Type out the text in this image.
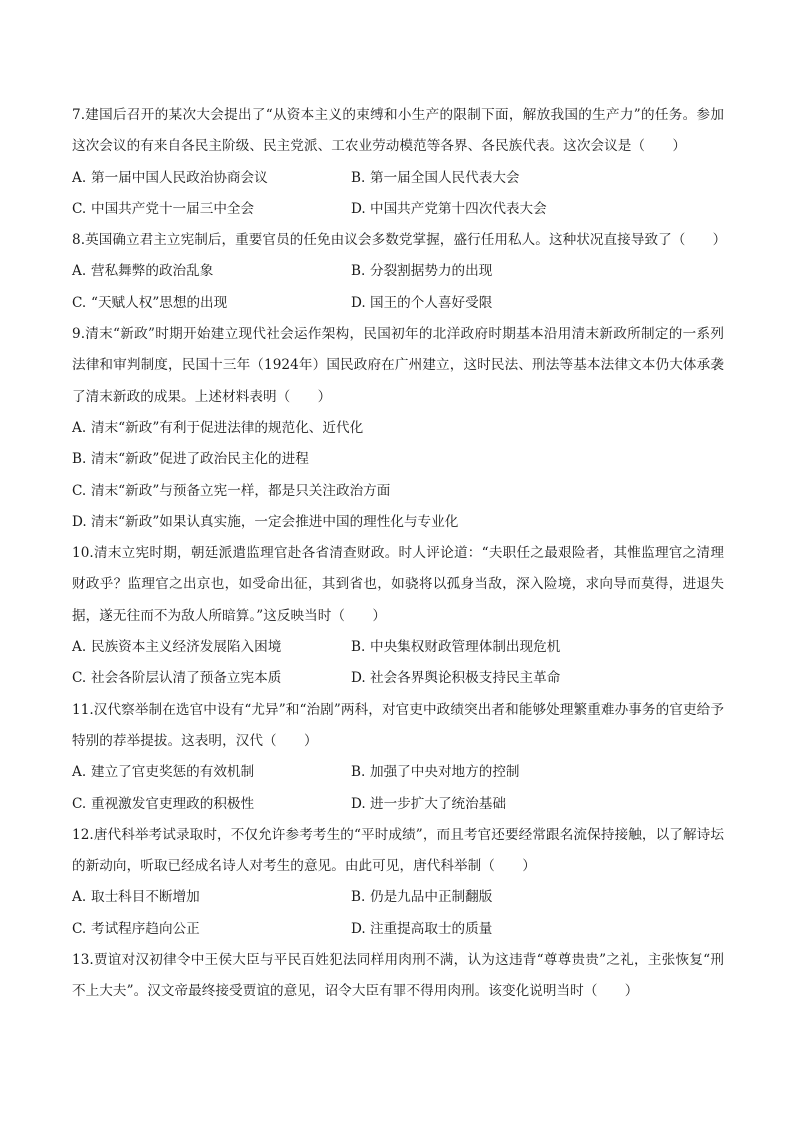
7.建国后召开的某次大会提出了“从资本主义的束缚和小生产的限制下面，解放我国的生产力”的任务。参加这次会议的有来自各民主阶级、民主党派、工农业劳动模范等各界、各民族代表。这次会议是（　　）

A. 第一届中国人民政治协商会议	B. 第一届全国人民代表大会
C. 中国共产党十一届三中全会	D. 中国共产党第十四次代表大会

8.英国确立君主立宪制后，重要官员的任免由议会多数党掌握，盛行任用私人。这种状况直接导致了（　　）

A. 营私舞弊的政治乱象	B. 分裂割据势力的出现
C. “天赋人权”思想的出现	D. 国王的个人喜好受限

9.清末“新政”时期开始建立现代社会运作架构，民国初年的北洋政府时期基本沿用清末新政所制定的一系列法律和审判制度，民国十三年（1924年）国民政府在广州建立，这时民法、刑法等基本法律文本仍大体承袭了清末新政的成果。上述材料表明（　　）

A. 清末“新政”有利于促进法律的规范化、近代化
B. 清末“新政”促进了政治民主化的进程
C. 清末“新政”与预备立宪一样，都是只关注政治方面
D. 清末“新政”如果认真实施，一定会推进中国的理性化与专业化

10.清末立宪时期，朝廷派遣监理官赴各省清查财政。时人评论道：“夫职任之最艰险者，其惟监理官之清理财政乎？监理官之出京也，如受命出征，其到省也，如骁将以孤身当敌，深入险境，求向导而莫得，进退失据，遂无往而不为敌人所暗算。”这反映当时（　　）

A. 民族资本主义经济发展陷入困境	B. 中央集权财政管理体制出现危机
C. 社会各阶层认清了预备立宪本质	D. 社会各界舆论积极支持民主革命

11.汉代察举制在选官中设有“尤异”和“治剧”两科，对官吏中政绩突出者和能够处理繁重难办事务的官吏给予特别的荐举提拔。这表明，汉代（　　）

A. 建立了官吏奖惩的有效机制	B. 加强了中央对地方的控制
C. 重视激发官吏理政的积极性	D. 进一步扩大了统治基础

12.唐代科举考试录取时，不仅允许参考考生的“平时成绩”，而且考官还要经常跟名流保持接触，以了解诗坛的新动向，听取已经成名诗人对考生的意见。由此可见，唐代科举制（　　）

A. 取士科目不断增加	B. 仍是九品中正制翻版
C. 考试程序趋向公正	D. 注重提高取士的质量

13.贾谊对汉初律令中王侯大臣与平民百姓犯法同样用肉刑不满，认为这违背“尊尊贵贵”之礼，主张恢复“刑不上大夫”。汉文帝最终接受贾谊的意见，诏令大臣有罪不得用肉刑。该变化说明当时（　　）
